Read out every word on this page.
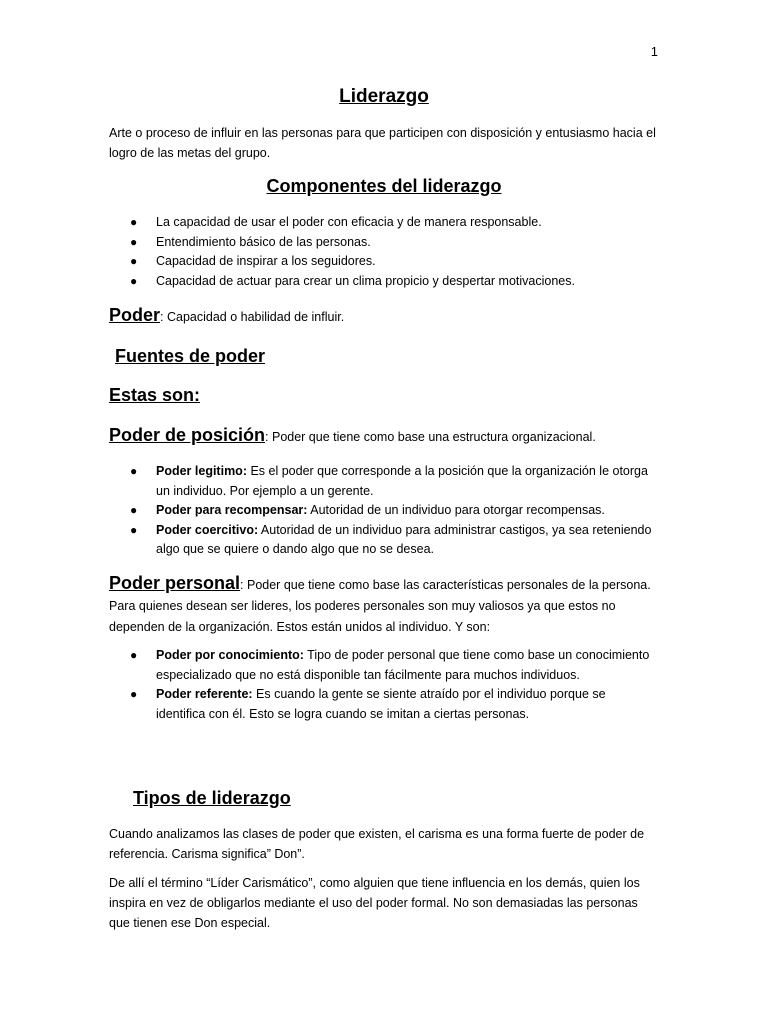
1
Liderazgo

Arte o proceso de influir en las personas para que participen con disposición y entusiasmo hacia el logro de las metas del grupo.

Componentes del liderazgo
● La capacidad de usar el poder con eficacia y de manera responsable.
● Entendimiento básico de las personas.
● Capacidad de inspirar a los seguidores.
● Capacidad de actuar para crear un clima propicio y despertar motivaciones.
Poder: Capacidad o habilidad de influir.
Fuentes de poder
Estas son:
Poder de posición: Poder que tiene como base una estructura organizacional.
● Poder legitimo: Es el poder que corresponde a la posición que la organización le otorga un individuo. Por ejemplo a un gerente.
● Poder para recompensar: Autoridad de un individuo para otorgar recompensas.
● Poder coercitivo: Autoridad de un individuo para administrar castigos, ya sea reteniendo algo que se quiere o dando algo que no se desea.
Poder personal: Poder que tiene como base las características personales de la persona. Para quienes desean ser lideres, los poderes personales son muy valiosos ya que estos no dependen de la organización. Estos están unidos al individuo. Y son:
● Poder por conocimiento: Tipo de poder personal que tiene como base un conocimiento especializado que no está disponible tan fácilmente para muchos individuos.
● Poder referente: Es cuando la gente se siente atraído por el individuo porque se identifica con él. Esto se logra cuando se imitan a ciertas personas.
Tipos de liderazgo

Cuando analizamos las clases de poder que existen, el carisma es una forma fuerte de poder de referencia. Carisma significa” Don”.

De allí el término “Líder Carismático”, como alguien que tiene influencia en los demás, quien los inspira en vez de obligarlos mediante el uso del poder formal. No son demasiadas las personas que tienen ese Don especial.
